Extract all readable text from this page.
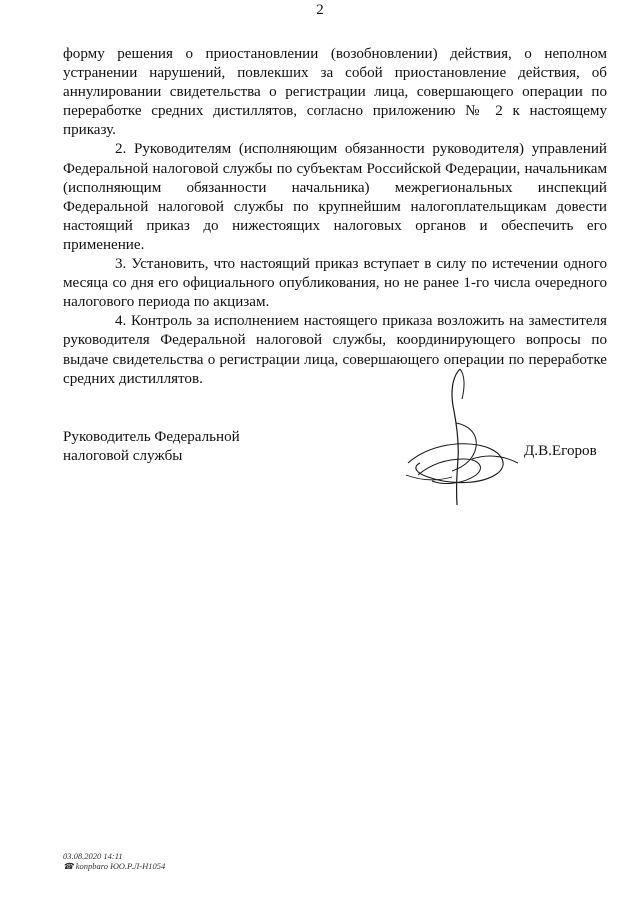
2

форму решения о приостановлении (возобновлении) действия, о неполном устранении нарушений, повлекших за собой приостановление действия, об аннулировании свидетельства о регистрации лица, совершающего операции по переработке средних дистиллятов, согласно приложению № 2 к настоящему приказу.

2. Руководителям (исполняющим обязанности руководителя) управлений Федеральной налоговой службы по субъектам Российской Федерации, начальникам (исполняющим обязанности начальника) межрегиональных инспекций Федеральной налоговой службы по крупнейшим налогоплательщикам довести настоящий приказ до нижестоящих налоговых органов и обеспечить его применение.

3. Установить, что настоящий приказ вступает в силу по истечении одного месяца со дня его официального опубликования, но не ранее 1-го числа очередного налогового периода по акцизам.

4. Контроль за исполнением настоящего приказа возложить на заместителя руководителя Федеральной налоговой службы, координирующего вопросы по выдаче свидетельства о регистрации лица, совершающего операции по переработке средних дистиллятов.

Руководитель Федеральной
налоговой службы	Д.В.Егоров
03.08.2020 14:11
☎ konpbaro ЮО.Р.Л-Н1054
